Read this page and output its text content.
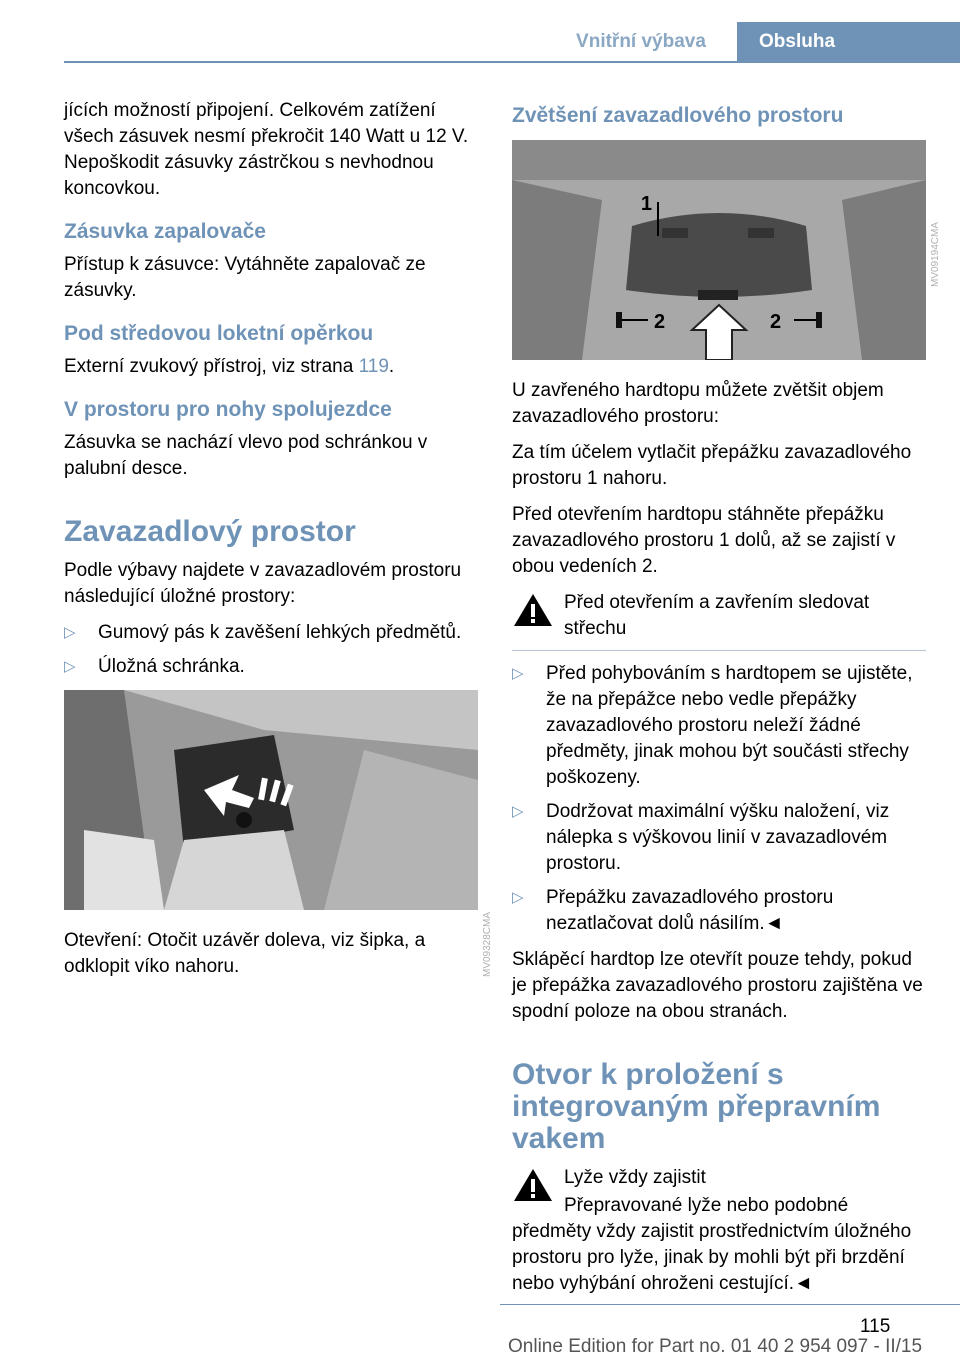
Vnitřní výbava	Obsluha

jících možností připojení. Celkovém zatížení všech zásuvek nesmí překročit 140 Watt u 12 V. Nepoškodit zásuvky zástrčkou s nevhodnou koncovkou.

Zásuvka zapalovače

Přístup k zásuvce: Vytáhněte zapalovač ze zásuvky.

Pod středovou loketní opěrkou

Externí zvukový přístroj, viz strana 119.

V prostoru pro nohy spolujezdce

Zásuvka se nachází vlevo pod schránkou v palubní desce.

Zavazadlový prostor

Podle výbavy najdete v zavazadlovém prostoru následující úložné prostory:

▷ Gumový pás k zavěšení lehkých předmětů.
▷ Úložná schránka.
MV09328CMA

Otevření: Otočit uzávěr doleva, viz šipka, a odklopit víko nahoru.

Zvětšení zavazadlového prostoru
1
2	2
MV09194CMA

U zavřeného hardtopu můžete zvětšit objem zavazadlového prostoru:

Za tím účelem vytlačit přepážku zavazadlového prostoru 1 nahoru.

Před otevřením hardtopu stáhněte přepážku zavazadlového prostoru 1 dolů, až se zajistí v obou vedeních 2.

Před otevřením a zavřením sledovat střechu
▷ Před pohybováním s hardtopem se ujistěte, že na přepážce nebo vedle přepážky zavazadlového prostoru neleží žádné předměty, jinak mohou být součásti střechy poškozeny.
▷ Dodržovat maximální výšku naložení, viz nálepka s výškovou linií v zavazadlovém prostoru.
▷ Přepážku zavazadlového prostoru nezatlačovat dolů násilím.◄

Sklápěcí hardtop lze otevřít pouze tehdy, pokud je přepážka zavazadlového prostoru zajištěna ve spodní poloze na obou stranách.

Otvor k proložení s integrovaným přepravním vakem
Lyže vždy zajistit
Přepravované lyže nebo podobné předměty vždy zajistit prostřednictvím úložného prostoru pro lyže, jinak by mohli být při brzdění nebo vyhýbání ohroženi cestující.◄
115
Online Edition for Part no. 01 40 2 954 097 - II/15
